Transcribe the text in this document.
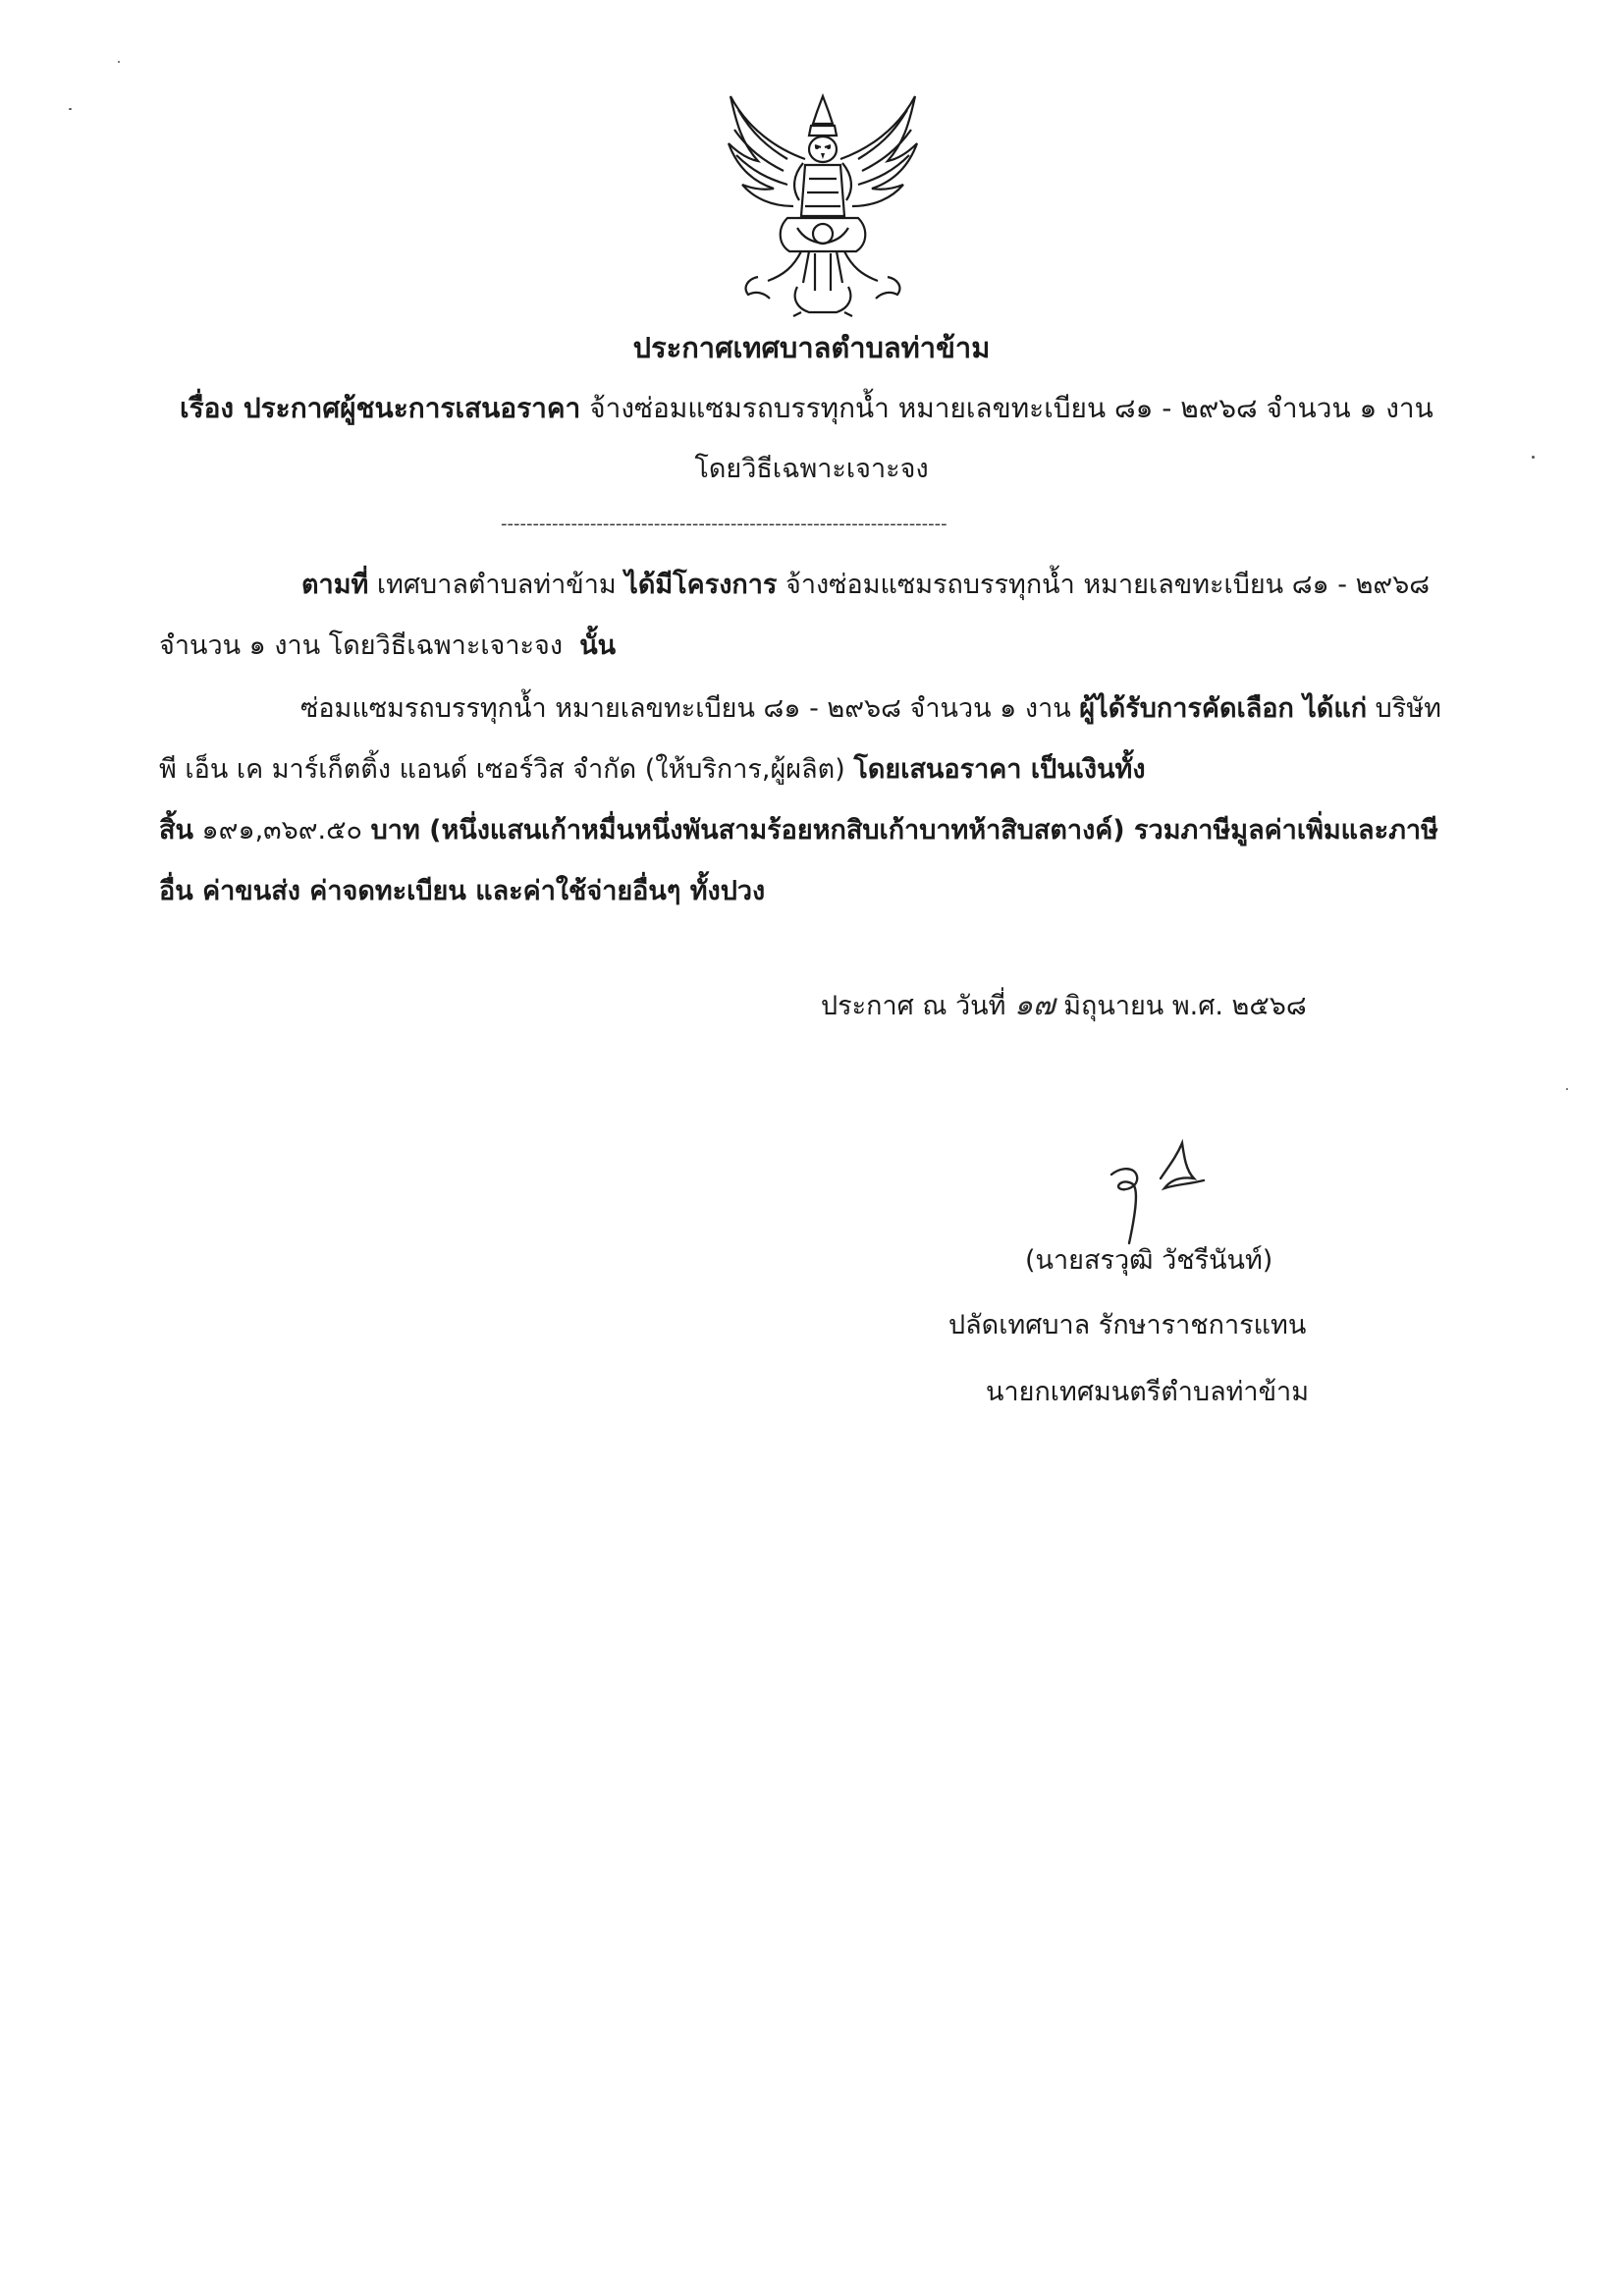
ประกาศเทศบาลตำบลท่าข้าม
เรื่อง ประกาศผู้ชนะการเสนอราคา จ้างซ่อมแซมรถบรรทุกน้ำ หมายเลขทะเบียน ๘๑ - ๒๙๖๘ จำนวน ๑ งาน
โดยวิธีเฉพาะเจาะจง
----------------------------------------------------------------------
ตามที่ เทศบาลตำบลท่าข้าม ได้มีโครงการ จ้างซ่อมแซมรถบรรทุกน้ำ หมายเลขทะเบียน ๘๑ - ๒๙๖๘
จำนวน ๑ งาน โดยวิธีเฉพาะเจาะจง นั้น
ซ่อมแซมรถบรรทุกน้ำ หมายเลขทะเบียน ๘๑ - ๒๙๖๘ จำนวน ๑ งาน ผู้ได้รับการคัดเลือก ได้แก่ บริษัท
พี เอ็น เค มาร์เก็ตติ้ง แอนด์ เซอร์วิส จำกัด (ให้บริการ,ผู้ผลิต) โดยเสนอราคา เป็นเงินทั้ง
สิ้น ๑๙๑,๓๖๙.๕๐ บาท (หนึ่งแสนเก้าหมื่นหนึ่งพันสามร้อยหกสิบเก้าบาทห้าสิบสตางค์) รวมภาษีมูลค่าเพิ่มและภาษี
อื่น ค่าขนส่ง ค่าจดทะเบียน และค่าใช้จ่ายอื่นๆ ทั้งปวง
ประกาศ ณ วันที่ ๑๗ มิถุนายน พ.ศ. ๒๕๖๘
(นายสรวุฒิ วัชรีนันท์)
ปลัดเทศบาล รักษาราชการแทน
นายกเทศมนตรีตำบลท่าข้าม
